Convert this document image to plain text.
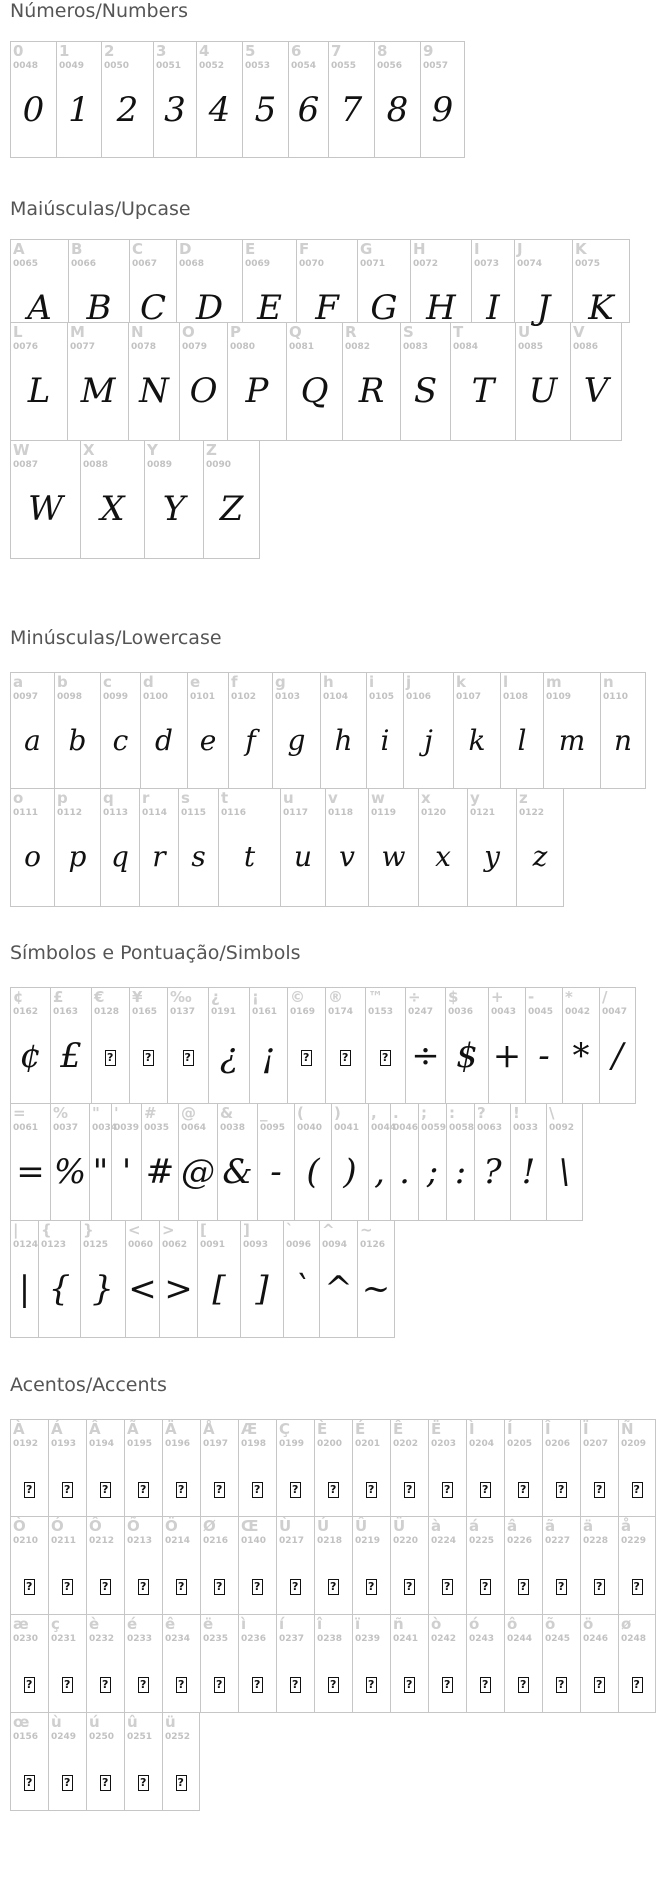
Números/Numbers
0
0048
0
1
0049
1
2
0050
2
3
0051
3
4
0052
4
5
0053
5
6
0054
6
7
0055
7
8
0056
8
9
0057
9
Maiúsculas/Upcase
A
0065
A
B
0066
B
C
0067
C
D
0068
D
E
0069
E
F
0070
F
G
0071
G
H
0072
H
I
0073
I
J
0074
J
K
0075
K
L
0076
L
M
0077
M
N
0078
N
O
0079
O
P
0080
P
Q
0081
Q
R
0082
R
S
0083
S
T
0084
T
U
0085
U
V
0086
V
W
0087
W
X
0088
X
Y
0089
Y
Z
0090
Z
Minúsculas/Lowercase
a
0097
a
b
0098
b
c
0099
c
d
0100
d
e
0101
e
f
0102
f
g
0103
g
h
0104
h
i
0105
i
j
0106
j
k
0107
k
l
0108
l
m
0109
m
n
0110
n
o
0111
o
p
0112
p
q
0113
q
r
0114
r
s
0115
s
t
0116
t
u
0117
u
v
0118
v
w
0119
w
x
0120
x
y
0121
y
z
0122
z
Símbolos e Pontuação/Simbols
¢
0162
¢
£
0163
£
€
0128
?
¥
0165
?
‰
0137
?
¿
0191
¿
¡
0161
¡
©
0169
?
®
0174
?
™
0153
?
÷
0247
÷
$
0036
$
+
0043
+
-
0045
-
*
0042
*
/
0047
/
=
0061
=
%
0037
%
"
0034
"
'
0039
'
#
0035
#
@
0064
@
&
0038
&
_
0095
-
(
0040
(
)
0041
)
,
0044
,
.
0046
.
;
0059
;
:
0058
:
?
0063
?
!
0033
!
\
0092
\
|
0124
|
{
0123
{
}
0125
}
<
0060
<
>
0062
>
[
0091
[
]
0093
]
`
0096
`
^
0094
^
~
0126
~
Acentos/Accents
À
0192
?
Á
0193
?
Â
0194
?
Ã
0195
?
Ä
0196
?
Å
0197
?
Æ
0198
?
Ç
0199
?
È
0200
?
É
0201
?
Ê
0202
?
Ë
0203
?
Ì
0204
?
Í
0205
?
Î
0206
?
Ï
0207
?
Ñ
0209
?
Ò
0210
?
Ó
0211
?
Ô
0212
?
Õ
0213
?
Ö
0214
?
Ø
0216
?
Œ
0140
?
Ù
0217
?
Ú
0218
?
Û
0219
?
Ü
0220
?
à
0224
?
á
0225
?
â
0226
?
ã
0227
?
ä
0228
?
å
0229
?
æ
0230
?
ç
0231
?
è
0232
?
é
0233
?
ê
0234
?
ë
0235
?
ì
0236
?
í
0237
?
î
0238
?
ï
0239
?
ñ
0241
?
ò
0242
?
ó
0243
?
ô
0244
?
õ
0245
?
ö
0246
?
ø
0248
?
œ
0156
?
ù
0249
?
ú
0250
?
û
0251
?
ü
0252
?
